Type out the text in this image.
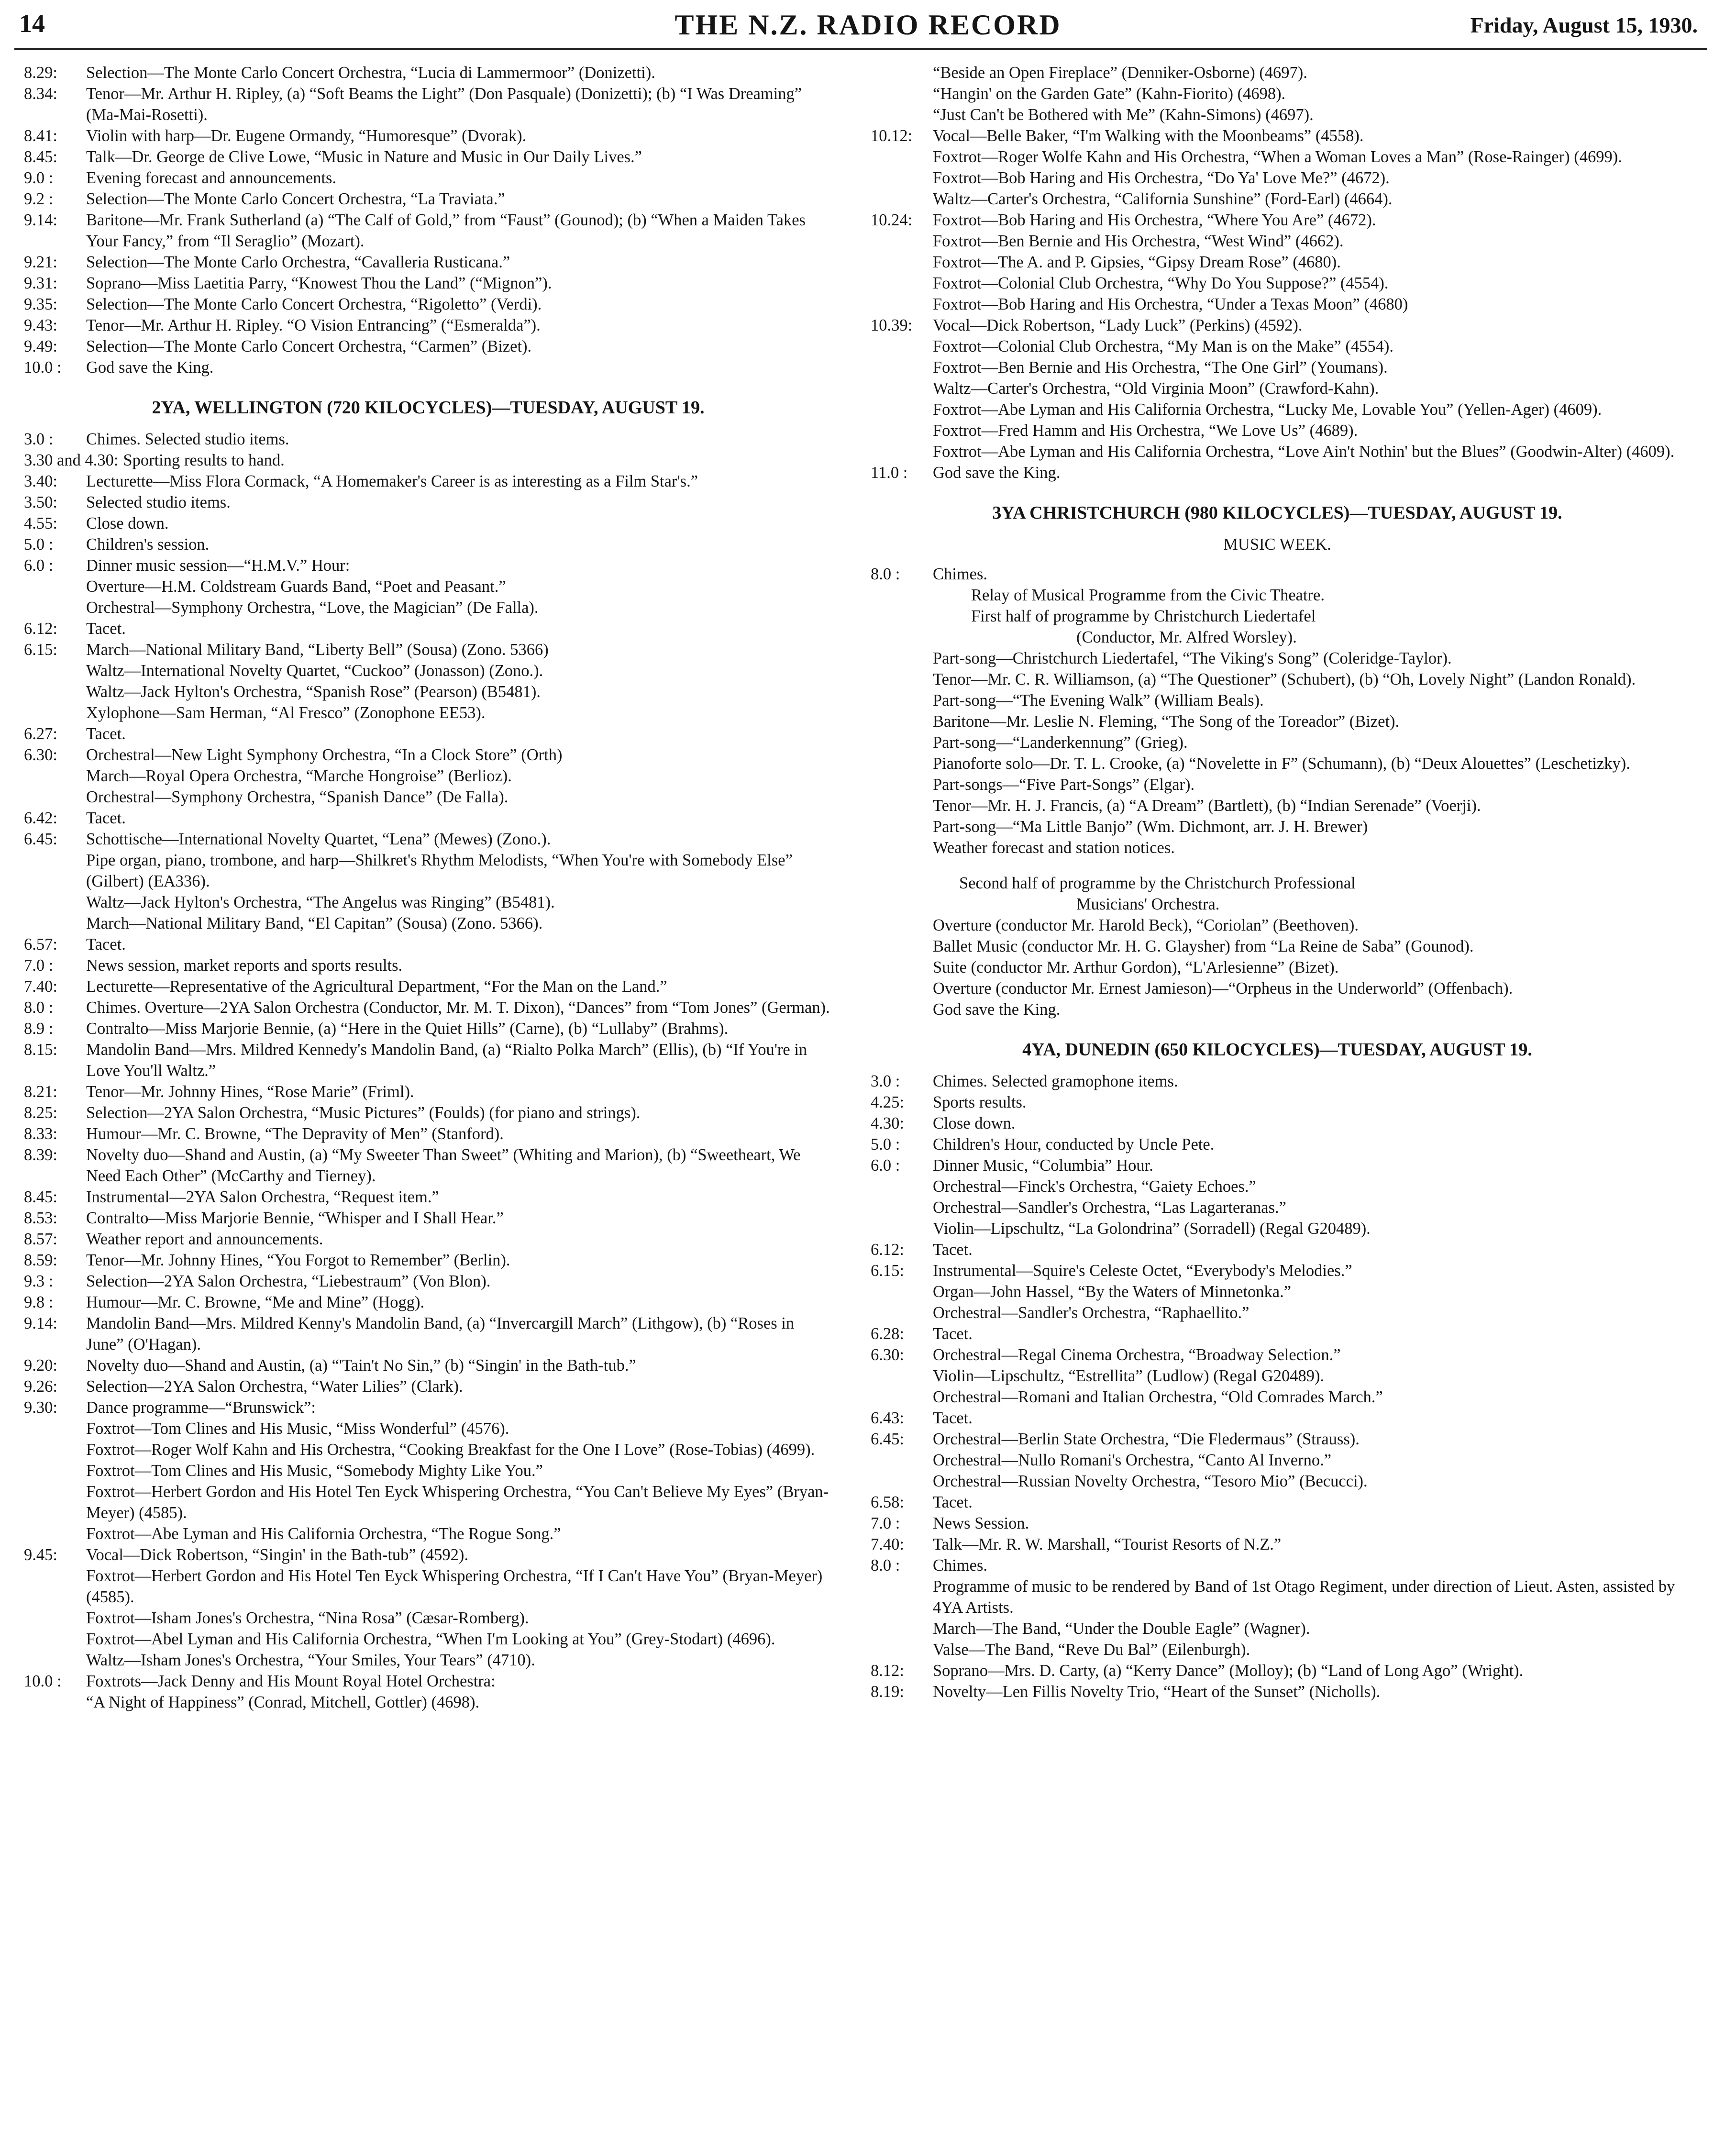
14	THE N.Z. RADIO RECORD	Friday, August 15, 1930.
8.29:	Selection—The Monte Carlo Concert Orchestra, “Lucia di Lammermoor” (Donizetti).
8.34:	Tenor—Mr. Arthur H. Ripley, (a) “Soft Beams the Light” (Don Pasquale) (Donizetti); (b) “I Was Dreaming” (Ma-Mai-Rosetti).
8.41:	Violin with harp—Dr. Eugene Ormandy, “Humoresque” (Dvorak).
8.45:	Talk—Dr. George de Clive Lowe, “Music in Nature and Music in Our Daily Lives.”
9.0 :	Evening forecast and announcements.
9.2 :	Selection—The Monte Carlo Concert Orchestra, “La Traviata.”
9.14:	Baritone—Mr. Frank Sutherland (a) “The Calf of Gold,” from “Faust” (Gounod); (b) “When a Maiden Takes Your Fancy,” from “Il Seraglio” (Mozart).
9.21:	Selection—The Monte Carlo Orchestra, “Cavalleria Rusticana.”
9.31:	Soprano—Miss Laetitia Parry, “Knowest Thou the Land” (“Mignon”).
9.35:	Selection—The Monte Carlo Concert Orchestra, “Rigoletto” (Verdi).
9.43:	Tenor—Mr. Arthur H. Ripley. “O Vision Entrancing” (“Esmeralda”).
9.49:	Selection—The Monte Carlo Concert Orchestra, “Carmen” (Bizet).
10.0 :	God save the King.
2YA, WELLINGTON (720 KILOCYCLES)—TUESDAY, AUGUST 19.
3.0 :	Chimes. Selected studio items.
3.30 and 4.30: Sporting results to hand.
3.40:	Lecturette—Miss Flora Cormack, “A Homemaker's Career is as interesting as a Film Star's.”
3.50:	Selected studio items.
4.55:	Close down.
5.0 :	Children's session.
6.0 :	Dinner music session—“H.M.V.” Hour:
Overture—H.M. Coldstream Guards Band, “Poet and Peasant.”
Orchestral—Symphony Orchestra, “Love, the Magician” (De Falla).
6.12:	Tacet.
6.15:	March—National Military Band, “Liberty Bell” (Sousa) (Zono. 5366)
Waltz—International Novelty Quartet, “Cuckoo” (Jonasson) (Zono.).
Waltz—Jack Hylton's Orchestra, “Spanish Rose” (Pearson) (B5481).
Xylophone—Sam Herman, “Al Fresco” (Zonophone EE53).
6.27:	Tacet.
6.30:	Orchestral—New Light Symphony Orchestra, “In a Clock Store” (Orth)
March—Royal Opera Orchestra, “Marche Hongroise” (Berlioz).
Orchestral—Symphony Orchestra, “Spanish Dance” (De Falla).
6.42:	Tacet.
6.45:	Schottische—International Novelty Quartet, “Lena” (Mewes) (Zono.).
Pipe organ, piano, trombone, and harp—Shilkret's Rhythm Melodists, “When You're with Somebody Else” (Gilbert) (EA336).
Waltz—Jack Hylton's Orchestra, “The Angelus was Ringing” (B5481).
March—National Military Band, “El Capitan” (Sousa) (Zono. 5366).
6.57:	Tacet.
7.0 :	News session, market reports and sports results.
7.40:	Lecturette—Representative of the Agricultural Department, “For the Man on the Land.”
8.0 :	Chimes. Overture—2YA Salon Orchestra (Conductor, Mr. M. T. Dixon), “Dances” from “Tom Jones” (German).
8.9 :	Contralto—Miss Marjorie Bennie, (a) “Here in the Quiet Hills” (Carne), (b) “Lullaby” (Brahms).
8.15:	Mandolin Band—Mrs. Mildred Kennedy's Mandolin Band, (a) “Rialto Polka March” (Ellis), (b) “If You're in Love You'll Waltz.”
8.21:	Tenor—Mr. Johnny Hines, “Rose Marie” (Friml).
8.25:	Selection—2YA Salon Orchestra, “Music Pictures” (Foulds) (for piano and strings).
8.33:	Humour—Mr. C. Browne, “The Depravity of Men” (Stanford).
8.39:	Novelty duo—Shand and Austin, (a) “My Sweeter Than Sweet” (Whiting and Marion), (b) “Sweetheart, We Need Each Other” (McCarthy and Tierney).
8.45:	Instrumental—2YA Salon Orchestra, “Request item.”
8.53:	Contralto—Miss Marjorie Bennie, “Whisper and I Shall Hear.”
8.57:	Weather report and announcements.
8.59:	Tenor—Mr. Johnny Hines, “You Forgot to Remember” (Berlin).
9.3 :	Selection—2YA Salon Orchestra, “Liebestraum” (Von Blon).
9.8 :	Humour—Mr. C. Browne, “Me and Mine” (Hogg).
9.14:	Mandolin Band—Mrs. Mildred Kenny's Mandolin Band, (a) “Invercargill March” (Lithgow), (b) “Roses in June” (O'Hagan).
9.20:	Novelty duo—Shand and Austin, (a) “'Tain't No Sin,” (b) “Singin' in the Bath-tub.”
9.26:	Selection—2YA Salon Orchestra, “Water Lilies” (Clark).
9.30:	Dance programme—“Brunswick”:
Foxtrot—Tom Clines and His Music, “Miss Wonderful” (4576).
Foxtrot—Roger Wolf Kahn and His Orchestra, “Cooking Breakfast for the One I Love” (Rose-Tobias) (4699).
Foxtrot—Tom Clines and His Music, “Somebody Mighty Like You.”
Foxtrot—Herbert Gordon and His Hotel Ten Eyck Whispering Orchestra, “You Can't Believe My Eyes” (Bryan-Meyer) (4585).
Foxtrot—Abe Lyman and His California Orchestra, “The Rogue Song.”
9.45:	Vocal—Dick Robertson, “Singin' in the Bath-tub” (4592).
Foxtrot—Herbert Gordon and His Hotel Ten Eyck Whispering Orchestra, “If I Can't Have You” (Bryan-Meyer) (4585).
Foxtrot—Isham Jones's Orchestra, “Nina Rosa” (Cæsar-Romberg).
Foxtrot—Abel Lyman and His California Orchestra, “When I'm Looking at You” (Grey-Stodart) (4696).
Waltz—Isham Jones's Orchestra, “Your Smiles, Your Tears” (4710).
10.0 :	Foxtrots—Jack Denny and His Mount Royal Hotel Orchestra:
“A Night of Happiness” (Conrad, Mitchell, Gottler) (4698).
“Beside an Open Fireplace” (Denniker-Osborne) (4697).
“Hangin' on the Garden Gate” (Kahn-Fiorito) (4698).
“Just Can't be Bothered with Me” (Kahn-Simons) (4697).
10.12:	Vocal—Belle Baker, “I'm Walking with the Moonbeams” (4558).
Foxtrot—Roger Wolfe Kahn and His Orchestra, “When a Woman Loves a Man” (Rose-Rainger) (4699).
Foxtrot—Bob Haring and His Orchestra, “Do Ya' Love Me?” (4672).
Waltz—Carter's Orchestra, “California Sunshine” (Ford-Earl) (4664).
10.24:	Foxtrot—Bob Haring and His Orchestra, “Where You Are” (4672).
Foxtrot—Ben Bernie and His Orchestra, “West Wind” (4662).
Foxtrot—The A. and P. Gipsies, “Gipsy Dream Rose” (4680).
Foxtrot—Colonial Club Orchestra, “Why Do You Suppose?” (4554).
Foxtrot—Bob Haring and His Orchestra, “Under a Texas Moon” (4680)
10.39:	Vocal—Dick Robertson, “Lady Luck” (Perkins) (4592).
Foxtrot—Colonial Club Orchestra, “My Man is on the Make” (4554).
Foxtrot—Ben Bernie and His Orchestra, “The One Girl” (Youmans).
Waltz—Carter's Orchestra, “Old Virginia Moon” (Crawford-Kahn).
Foxtrot—Abe Lyman and His California Orchestra, “Lucky Me, Lovable You” (Yellen-Ager) (4609).
Foxtrot—Fred Hamm and His Orchestra, “We Love Us” (4689).
Foxtrot—Abe Lyman and His California Orchestra, “Love Ain't Nothin' but the Blues” (Goodwin-Alter) (4609).
11.0 :	God save the King.
3YA CHRISTCHURCH (980 KILOCYCLES)—TUESDAY, AUGUST 19.
MUSIC WEEK.
8.0 :	Chimes.
Relay of Musical Programme from the Civic Theatre.
First half of programme by Christchurch Liedertafel
(Conductor, Mr. Alfred Worsley).
Part-song—Christchurch Liedertafel, “The Viking's Song” (Coleridge-Taylor).
Tenor—Mr. C. R. Williamson, (a) “The Questioner” (Schubert), (b) “Oh, Lovely Night” (Landon Ronald).
Part-song—“The Evening Walk” (William Beals).
Baritone—Mr. Leslie N. Fleming, “The Song of the Toreador” (Bizet).
Part-song—“Landerkennung” (Grieg).
Pianoforte solo—Dr. T. L. Crooke, (a) “Novelette in F” (Schumann), (b) “Deux Alouettes” (Leschetizky).
Part-songs—“Five Part-Songs” (Elgar).
Tenor—Mr. H. J. Francis, (a) “A Dream” (Bartlett), (b) “Indian Serenade” (Voerji).
Part-song—“Ma Little Banjo” (Wm. Dichmont, arr. J. H. Brewer)
Weather forecast and station notices.
Second half of programme by the Christchurch Professional
Musicians' Orchestra.
Overture (conductor Mr. Harold Beck), “Coriolan” (Beethoven).
Ballet Music (conductor Mr. H. G. Glaysher) from “La Reine de Saba” (Gounod).
Suite (conductor Mr. Arthur Gordon), “L'Arlesienne” (Bizet).
Overture (conductor Mr. Ernest Jamieson)—“Orpheus in the Underworld” (Offenbach).
God save the King.
4YA, DUNEDIN (650 KILOCYCLES)—TUESDAY, AUGUST 19.
3.0 :	Chimes. Selected gramophone items.
4.25:	Sports results.
4.30:	Close down.
5.0 :	Children's Hour, conducted by Uncle Pete.
6.0 :	Dinner Music, “Columbia” Hour.
Orchestral—Finck's Orchestra, “Gaiety Echoes.”
Orchestral—Sandler's Orchestra, “Las Lagarteranas.”
Violin—Lipschultz, “La Golondrina” (Sorradell) (Regal G20489).
6.12:	Tacet.
6.15:	Instrumental—Squire's Celeste Octet, “Everybody's Melodies.”
Organ—John Hassel, “By the Waters of Minnetonka.”
Orchestral—Sandler's Orchestra, “Raphaellito.”
6.28:	Tacet.
6.30:	Orchestral—Regal Cinema Orchestra, “Broadway Selection.”
Violin—Lipschultz, “Estrellita” (Ludlow) (Regal G20489).
Orchestral—Romani and Italian Orchestra, “Old Comrades March.”
6.43:	Tacet.
6.45:	Orchestral—Berlin State Orchestra, “Die Fledermaus” (Strauss).
Orchestral—Nullo Romani's Orchestra, “Canto Al Inverno.”
Orchestral—Russian Novelty Orchestra, “Tesoro Mio” (Becucci).
6.58:	Tacet.
7.0 :	News Session.
7.40:	Talk—Mr. R. W. Marshall, “Tourist Resorts of N.Z.”
8.0 :	Chimes.
Programme of music to be rendered by Band of 1st Otago Regiment, under direction of Lieut. Asten, assisted by 4YA Artists.
March—The Band, “Under the Double Eagle” (Wagner).
Valse—The Band, “Reve Du Bal” (Eilenburgh).
8.12:	Soprano—Mrs. D. Carty, (a) “Kerry Dance” (Molloy); (b) “Land of Long Ago” (Wright).
8.19:	Novelty—Len Fillis Novelty Trio, “Heart of the Sunset” (Nicholls).
